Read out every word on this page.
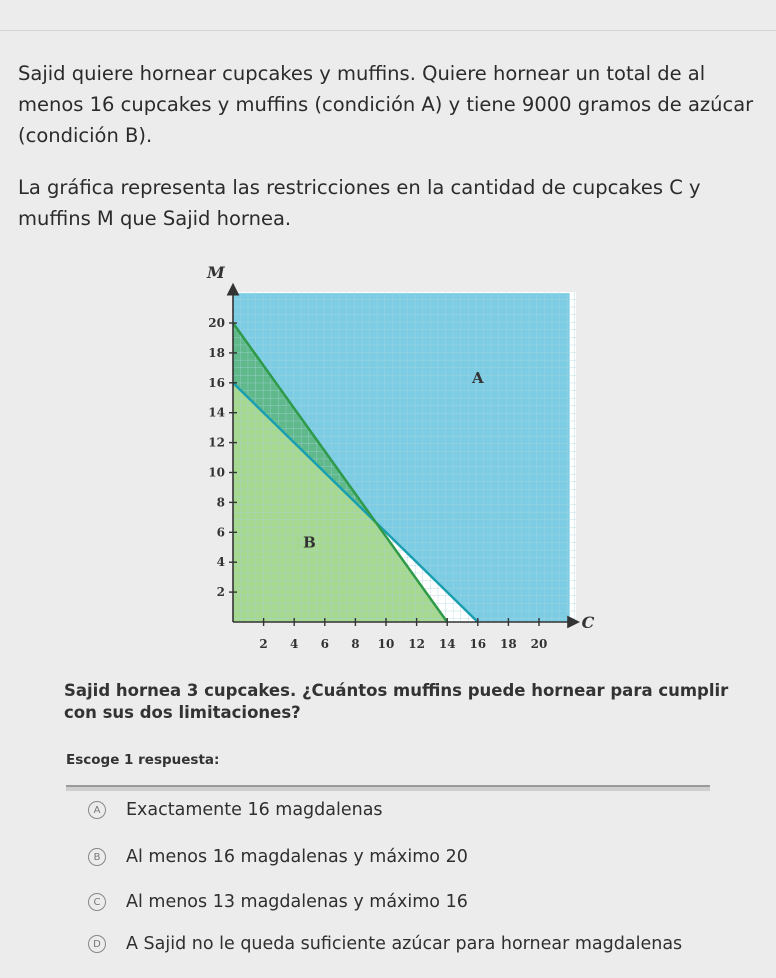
Sajid quiere hornear cupcakes y muffins. Quiere hornear un total de al menos 16 cupcakes y muffins (condición A) y tiene 9000 gramos de azúcar (condición B).
La gráfica representa las restricciones en la cantidad de cupcakes C y muffins M que Sajid hornea.
2 4 6 8 10 12 14 16 18 20
2
4
6
8
10
12
14
16
18
20
C
M
A
B
Sajid hornea 3 cupcakes. ¿Cuántos muffins puede hornear para cumplir con sus dos limitaciones?
Escoge 1 respuesta:
A	Exactamente 16 magdalenas
B	Al menos 16 magdalenas y máximo 20
C	Al menos 13 magdalenas y máximo 16
D A Sajid no le queda suficiente azúcar para hornear magdalenas
